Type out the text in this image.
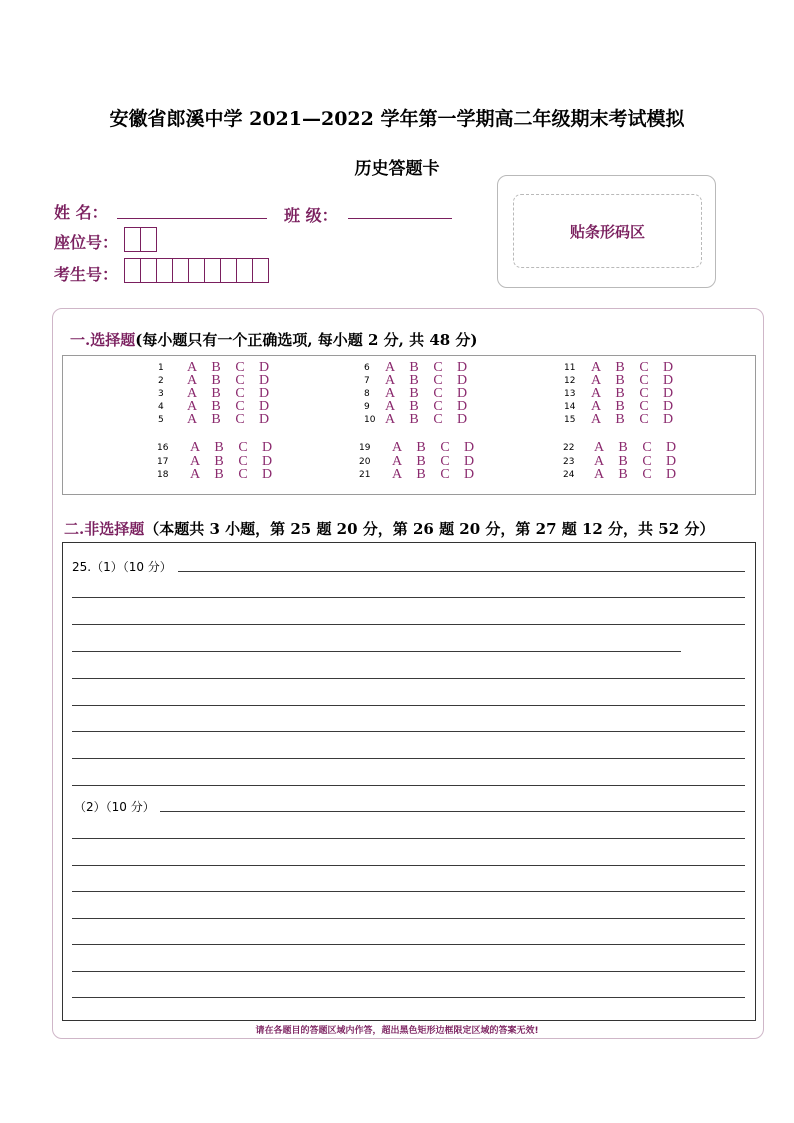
安徽省郎溪中学 2021—2022 学年第一学期高二年级期末考试模拟
历史答题卡
姓 名：	班 级：
座位号：
考生号：
贴条形码区
一.选择题(每小题只有一个正确选项, 每小题 2 分, 共 48 分)
1 A B C D
2 A B C D
3 A B C D
4 A B C D
5 A B C D
6 A B C D
7 A B C D
8 A B C D
9 A B C D
10 A B C D
11 A B C D
12 A B C D
13 A B C D
14 A B C D
15 A B C D
16 A B C D
17 A B C D
18 A B C D
19 A B C D
20 A B C D
21 A B C D
22 A B C D
23 A B C D
24 A B C D
二.非选择题（本题共 3 小题，第 25 题 20 分，第 26 题 20 分，第 27 题 12 分，共 52 分）
25.（1）（10 分）
（2）（10 分）
请在各题目的答题区域内作答，超出黑色矩形边框限定区域的答案无效!
